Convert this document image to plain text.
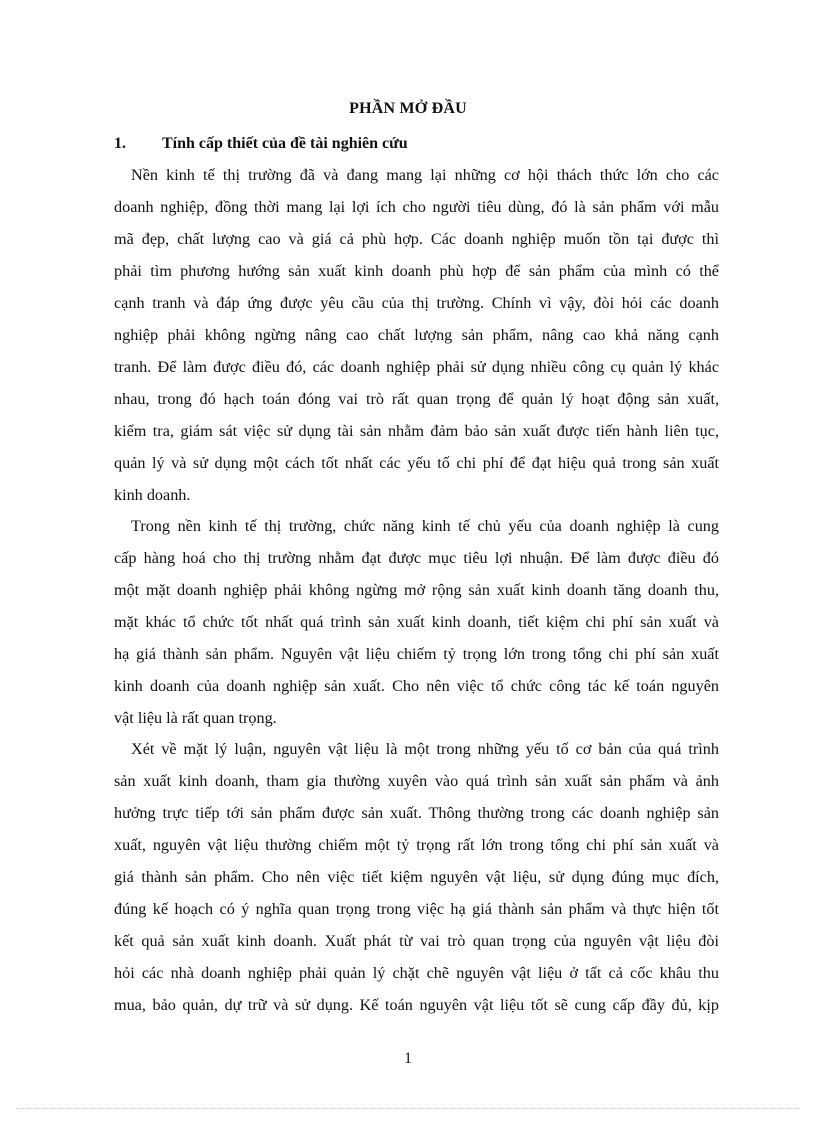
PHẦN MỞ ĐẦU
1. Tính cấp thiết của đề tài nghiên cứu
Nền kinh tế thị trường đã và đang mang lại những cơ hội thách thức lớn cho các
doanh nghiệp, đồng thời mang lại lợi ích cho người tiêu dùng, đó là sản phẩm với mẫu
mã đẹp, chất lượng cao và giá cả phù hợp. Các doanh nghiệp muốn tồn tại được thì
phải tìm phương hướng sản xuất kinh doanh phù hợp để sản phẩm của mình có thể
cạnh tranh và đáp ứng được yêu cầu của thị trường. Chính vì vậy, đòi hỏi các doanh
nghiệp phải không ngừng nâng cao chất lượng sản phẩm, nâng cao khả năng cạnh
tranh. Để làm được điều đó, các doanh nghiệp phải sử dụng nhiều công cụ quản lý khác
nhau, trong đó hạch toán đóng vai trò rất quan trọng để quản lý hoạt động sản xuất,
kiểm tra, giám sát việc sử dụng tài sản nhằm đảm bảo sản xuất được tiến hành liên tục,
quản lý và sử dụng một cách tốt nhất các yếu tố chi phí để đạt hiệu quả trong sản xuất
kinh doanh.
Trong nền kinh tế thị trường, chức năng kinh tế chủ yếu của doanh nghiệp là cung
cấp hàng hoá cho thị trường nhằm đạt được mục tiêu lợi nhuận. Để làm được điều đó
một mặt doanh nghiệp phải không ngừng mở rộng sản xuất kinh doanh tăng doanh thu,
mặt khác tổ chức tốt nhất quá trình sản xuất kinh doanh, tiết kiệm chi phí sản xuất và
hạ giá thành sản phẩm. Nguyên vật liệu chiếm tỷ trọng lớn trong tổng chi phí sản xuất
kinh doanh của doanh nghiệp sản xuất. Cho nên việc tổ chức công tác kế toán nguyên
vật liệu là rất quan trọng.
Xét về mặt lý luận, nguyên vật liệu là một trong những yếu tố cơ bản của quá trình
sản xuất kinh doanh, tham gia thường xuyên vào quá trình sản xuất sản phẩm và ảnh
hưởng trực tiếp tới sản phẩm được sản xuất. Thông thường trong các doanh nghiệp sản
xuất, nguyên vật liệu thường chiếm một tỷ trọng rất lớn trong tổng chi phí sản xuất và
giá thành sản phẩm. Cho nên việc tiết kiệm nguyên vật liệu, sử dụng đúng mục đích,
đúng kế hoạch có ý nghĩa quan trọng trong việc hạ giá thành sản phẩm và thực hiện tốt
kết quả sản xuất kinh doanh. Xuất phát từ vai trò quan trọng của nguyên vật liệu đòi
hỏi các nhà doanh nghiệp phải quản lý chặt chẽ nguyên vật liệu ở tất cả cốc khâu thu
mua, bảo quản, dự trữ và sử dụng. Kế toán nguyên vật liệu tốt sẽ cung cấp đầy đủ, kịp
1
